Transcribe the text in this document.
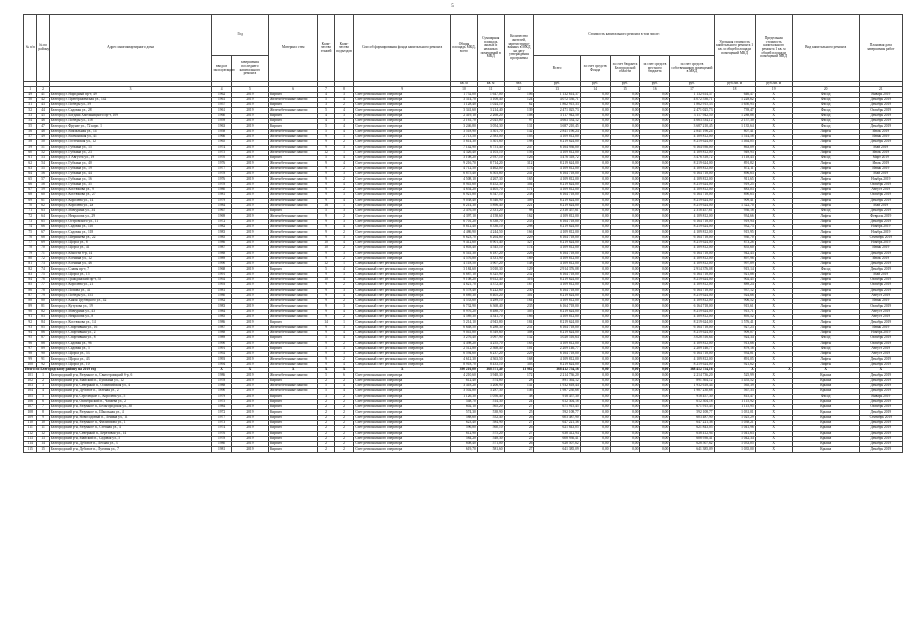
5
№ п/п	№ по району	Адрес многоквартирного дома	Год		Материал стен	Коли-чество этажей	Коли-чество подъездов	Способ формирования фонда капитального ремонта	Общая площадь МКД, всего	Суммарная площадь жилых и нежилых помещений в МКД	Количество жителей, зарегистриро-ванных в МКД на дату утверждения программы	Стоимость капитального ремонта в том числе:					Удельная стоимость капитального ремонта 1 кв. м общей площади помещений МКД	Предельная стоимость капитального ремонта 1 кв. м общей площади помещений МКД	Вид капитального ремонта	Плановая дата завершения работ
			ввода в эксплуатацию	завершения последнего капитального ремонта								Всего	за счет средств Фонда	за счет бюджета Белгородской области	за счет средств местного бюджета	за счет средств собственников помещений в МКД				
									кв. м	кв. м	чел.	руб.	руб.	руб.	руб.	руб.	руб./кв. м	руб./кв. м		
1	2	3	4	5	6	7	8	9	10	11	12	13	14	15	16	17	18	19	20	21
49	41	Белгород г. Народный пр-т, 49	1962	2019	Кирпич	4	3	Счет регионального оператора	1 752,00	1 647,00	106	1 132 614,37	0,00	0,00	0,00	1 132 614,37	646,47	Х	Фасад	Январь 2019
50	42	Белгород г. Преображенская ул., 142	1961	2019	Железобетонные панели	5	4	Счет регионального оператора	3 314,70	3 108,40	124	4 072 536,71	0,00	0,00	0,00	4 072 536,71	1 228,62	Х	Фасад	Декабрь 2019
51	43	Белгород г. Победы ул., 59	1957	2019	Кирпич	3	2	Счет регионального оператора	1 128,40	1 024,10	62	1 862 915,33	0,00	0,00	0,00	1 862 915,33	1 650,93	Х	Фасад	Декабрь 2019
52	44	Белгород г. Садовая ул., 28	1961	2019	Железобетонные панели	5	4	Счет регионального оператора	3 341,60	3 214,40	139	2 471 025,73	0,00	0,00	0,00	2 471 025,73	739,47	Х	Фасад	Октябрь 2019
53	45	Белгород г. Богдана Хмельницкого пр-т, 109	1960	2019	Кирпич	4	3	Счет регионального оператора	2 419,10	2 268,20	108	3 117 942,50	0,00	0,00	0,00	3 117 942,50	1 288,88	Х	Фасад	Декабрь 2019
54	46	Белгород г. Победы ул., 118	1959	2019	Кирпич	4	3	Счет регионального оператора	2 161,70	2 025,80	97	4 663 534,12	0,00	0,00	0,00	4 663 534,12	2 157,30	Х	Фасад	Декабрь 2019
55	47	Белгород г. Фрунзе ул., 72 корп. 1	1963	2019	Кирпич	5	4	Счет регионального оператора	3 246,80	3 054,30	131	3 687 210,45	0,00	0,00	0,00	3 687 210,45	1 135,64	Х	Фасад	Декабрь 2019
56	48	Белгород г. Вокзальная ул., 14	1958	2019	Железобетонные панели	5	4	Счет регионального оператора	3 518,90	3 301,70	142	2 841 196,24	0,00	0,00	0,00	2 841 196,24	807,41	Х	Лифты	Июль 2019
57	49	Белгород г. Волчанская ул., 41	1966	2019	Железобетонные панели	9	1	Счет регионального оператора	2 713,50	2 583,00	103	4 109 812,00	0,00	0,00	0,00	4 109 812,00	1 514,58	Х	Лифты	Июнь 2019
58	50	Белгород г. Гостенская ул., 12	1965	2019	Железобетонные панели	9	2	Счет регионального оператора	5 614,30	5 301,60	198	8 219 624,00	0,00	0,00	0,00	8 219 624,00	1 464,05	Х	Лифты	Декабрь 2019
59	51	Белгород г. Губкина ул., 15	1974	2019	Железобетонные панели	9	3	Счет регионального оператора	7 142,90	6 751,40	247	6 164 936,00	0,00	0,00	0,00	6 164 936,00	863,09	Х	Лифты	Май 2019
60	52	Белгород г. Губкина ул., 23	1975	2019	Железобетонные панели	12	1	Счет регионального оператора	4 326,40	4 103,10	156	4 109 812,00	0,00	0,00	0,00	4 109 812,00	949,93	Х	Лифты	Июль 2019
61	53	Белгород г. 5 Августа ул., 19	1970	2019	Кирпич	5	4	Счет регионального оператора	3 108,20	2 937,10	126	3 476 318,72	0,00	0,00	0,00	3 476 318,72	1 118,43	Х	Фасад	Март 2019
62	54	Белгород г. Губкина ул., 40	1976	2019	Железобетонные панели	9	4	Счет регионального оператора	9 216,70	8 714,20	312	8 219 624,00	0,00	0,00	0,00	8 219 624,00	891,82	Х	Лифты	Июль 2019
63	55	Белгород г. Губкина ул., 19	1977	2019	Железобетонные панели	9	2	Счет регионального оператора	4 712,50	4 462,00	173	4 109 812,00	0,00	0,00	0,00	4 109 812,00	872,11	Х	Лифты	Июнь 2019
64	56	Белгород г. Губкина ул., 44	1978	2019	Железобетонные панели	9	3	Счет регионального оператора	6 875,40	6 503,80	241	6 164 718,00	0,00	0,00	0,00	6 164 718,00	896,63	Х	Лифты	Май 2019
65	57	Белгород г. Губкина ул., 16	1976	2019	Железобетонные панели	9	2	Счет регионального оператора	4 508,10	4 267,30	165	4 109 812,00	0,00	0,00	0,00	4 109 812,00	911,65	Х	Лифты	Ноябрь 2019
66	58	Белгород г. Губкина ул., 35	1978	2019	Железобетонные панели	9	4	Счет регионального оператора	8 941,60	8 452,30	304	8 219 624,00	0,00	0,00	0,00	8 219 624,00	919,25	Х	Лифты	Октябрь 2019
67	59	Белгород г. Костюкова ул., 9	1980	2019	Железобетонные панели	9	2	Счет регионального оператора	4 654,20	4 405,70	171	4 109 812,00	0,00	0,00	0,00	4 109 812,00	883,03	Х	Лифты	Август 2019
68	60	Белгород г. Костюкова ул., 27	1981	2019	Железобетонные панели	9	3	Счет регионального оператора	6 921,80	6 547,10	238	6 164 718,00	0,00	0,00	0,00	6 164 718,00	890,63	Х	Лифты	Октябрь 2019
69	61	Белгород г. Королева ул., 14	1979	2019	Железобетонные панели	9	4	Счет регионального оператора	9 038,40	8 546,90	309	8 219 624,00	0,00	0,00	0,00	8 219 624,00	909,41	Х	Лифты	Декабрь 2019
70	62	Белгород г. Королева ул., 2а	1984	2019	Железобетонные панели	16	1	Счет регионального оператора	6 214,30	5 896,40	221	8 219 624,00	0,00	0,00	0,00	8 219 624,00	1 322,70	Х	Лифты	Май 2019
71	63	Белгород г. Мичурина ул., 34	1967	2019	Кирпич	5	3	Счет регионального оператора	2 476,50	2 331,20	98	2 318 457,61	0,00	0,00	0,00	2 318 457,61	936,18	Х	Фасад	Декабрь 2019
72	64	Белгород г. Некрасова ул., 29	1969	2019	Железобетонные панели	9	2	Счет регионального оператора	4 397,10	4 158,60	162	4 109 812,00	0,00	0,00	0,00	4 109 812,00	934,66	Х	Лифты	Февраль 2019
73	65	Белгород г. Островского ул., 11	1972	2019	Железобетонные панели	9	3	Счет регионального оператора	6 701,20	6 338,70	233	6 164 718,00	0,00	0,00	0,00	6 164 718,00	919,94	Х	Лифты	Декабрь 2019
74	66	Белгород г. Садовая ул., 110	1982	2019	Железобетонные панели	9	4	Счет регионального оператора	8 812,40	8 336,10	298	8 219 624,00	0,00	0,00	0,00	8 219 624,00	932,73	Х	Лифты	Ноябрь 2019
75	67	Белгород г. Садовая ул., 118	1983	2019	Железобетонные панели	9	2	Счет регионального оператора	4 486,90	4 244,50	166	4 109 812,00	0,00	0,00	0,00	4 109 812,00	915,95	Х	Лифты	Ноябрь 2019
76	68	Белгород г. Шершнева ул., 22	1985	2019	Железобетонные панели	9	3	Счет регионального оператора	6 623,70	6 264,80	229	6 164 718,00	0,00	0,00	0,00	6 164 718,00	930,70	Х	Лифты	Сентябрь 2019
77	69	Белгород г. Щорса ул., 8	1986	2019	Железобетонные панели	10	4	Счет регионального оператора	9 412,60	8 901,40	327	8 219 624,00	0,00	0,00	0,00	8 219 624,00	873,26	Х	Лифты	Ноябрь 2019
78	70	Белгород г. Щорса ул., 41	1987	2019	Железобетонные панели	10	2	Счет регионального оператора	4 803,40	4 545,10	174	4 109 812,00	0,00	0,00	0,00	4 109 812,00	855,60	Х	Лифты	Июнь 2019
79	71	Белгород г. Юности б-р, 14	1988	2019	Железобетонные панели	9	3	Счет регионального оператора	6 541,30	6 187,20	226	6 164 718,00	0,00	0,00	0,00	6 164 718,00	942,43	Х	Лифты	Декабрь 2019
80	72	Белгород г. Есенина ул., 12	1989	2019	Железобетонные панели	9	2	Счет регионального оператора	4 576,80	4 331,90	169	4 109 812,00	0,00	0,00	0,00	4 109 812,00	897,96	Х	Лифты	Июль 2019
81	73	Белгород г. Есенина ул., 46	1990	2019	Железобетонные панели	12	1	Специальный счет регионального оператора	4 118,50	3 907,20	148	4 109 812,00	0,00	0,00	0,00	4 109 812,00	997,89	Х	Лифты	Декабрь 2019
82	74	Белгород г. Славы пр-т, 7	1968	2019	Кирпич	5	4	Специальный счет регионального оператора	3 184,60	3 010,30	129	2 914 376,08	0,00	0,00	0,00	2 914 376,08	915,14	Х	Фасад	Декабрь 2019
83	75	Белгород г. Щорса ул., 15	1991	2019	Железобетонные панели	9	3	Специальный счет регионального оператора	6 687,10	6 325,90	232	6 164 718,00	0,00	0,00	0,00	6 164 718,00	921,88	Х	Лифты	Май 2019
84	76	Белгород г. Гражданский пр-т, 55	1992	2019	Железобетонные панели	10	4	Специальный счет регионального оператора	9 108,20	8 612,40	316	8 219 624,00	0,00	0,00	0,00	8 219 624,00	902,45	Х	Лифты	Октябрь 2019
85	77	Белгород г. Королева ул., 21	1993	2019	Железобетонные панели	9	2	Специальный счет регионального оператора	4 621,70	4 372,40	167	4 109 812,00	0,00	0,00	0,00	4 109 812,00	889,24	Х	Лифты	Октябрь 2019
86	78	Белгород г. Попова ул., 41	1981	2019	Железобетонные панели	9	3	Специальный счет регионального оператора	6 578,40	6 222,60	230	6 164 718,00	0,00	0,00	0,00	6 164 718,00	937,12	Х	Лифты	Декабрь 2019
87	79	Белгород г. Победы ул., 153	1980	2019	Железобетонные панели	9	4	Специальный счет регионального оператора	8 889,30	8 405,20	301	8 219 624,00	0,00	0,00	0,00	8 219 624,00	924,66	Х	Лифты	Август 2019
88	80	Белгород г. Князя Трубецкого ул., 42	1982	2019	Железобетонные панели	9	2	Специальный счет регионального оператора	4 533,60	4 289,10	164	4 109 812,00	0,00	0,00	0,00	4 109 812,00	906,52	Х	Лифты	Июнь 2019
89	81	Белгород г. Кутузова ул., 19	1983	2019	Железобетонные панели	9	3	Специальный счет регионального оператора	6 732,90	6 368,40	235	6 164 718,00	0,00	0,00	0,00	6 164 718,00	915,61	Х	Лифты	Октябрь 2019
90	82	Белгород г. Мичурина ул., 43	1984	2019	Железобетонные панели	9	4	Специальный счет регионального оператора	8 976,20	8 488,70	305	8 219 624,00	0,00	0,00	0,00	8 219 624,00	915,71	Х	Лифты	Август 2019
91	83	Белгород г. Некрасова ул., 8	1985	2019	Железобетонные панели	9	2	Специальный счет регионального оператора	4 589,30	4 341,70	166	4 109 812,00	0,00	0,00	0,00	4 109 812,00	895,52	Х	Лифты	Август 2019
92	84	Белгород г. Костюкова ул., 14	1986	2019	Кирпич	14	1	Специальный счет регионального оператора	5 214,10	4 943,80	184	8 219 624,00	0,00	0,00	0,00	8 219 624,00	1 576,41	Х	Лифты	Декабрь 2019
93	85	Белгород г. Спортивная ул., 16	1987	2019	Железобетонные панели	9	3	Специальный счет регионального оператора	6 648,50	6 288,30	231	6 164 718,00	0,00	0,00	0,00	6 164 718,00	927,23	Х	Лифты	Июнь 2019
94	86	Белгород г. Спортивная ул., 2	1988	2019	Железобетонные панели	9	4	Специальный счет регионального оператора	9 041,80	8 549,60	308	8 219 624,00	0,00	0,00	0,00	8 219 624,00	909,07	Х	Лифты	Ноябрь 2019
95	87	Белгород г. Спортивная ул., 8	1989	2019	Кирпич	5	4	Специальный счет регионального оператора	3 276,40	3 097,90	132	3 028 516,64	0,00	0,00	0,00	3 028 516,64	924,34	Х	Фасад	Октябрь 2019
96	88	Белгород г. Садовая ул., 96	1990	2019	Железобетонные панели	9	2	Специальный счет регионального оператора	4 498,20	4 255,70	163	4 109 812,00	0,00	0,00	0,00	4 109 812,00	913,66	Х	Лифты	Октябрь 2019
97	89	Белгород г. Садовая ул., 5	1991	2019	Кирпич	5	3	Специальный счет регионального оператора	2 512,80	2 368,40	101	2 209 146,77	0,00	0,00	0,00	2 209 146,77	879,16	Х	Фасад	Август 2019
98	90	Белгород г. Щорса ул., 53	1992	2019	Железобетонные панели	9	3	Специальный счет регионального оператора	6 594,60	6 237,20	229	6 164 718,00	0,00	0,00	0,00	6 164 718,00	934,81	Х	Лифты	Август 2019
99	91	Белгород г. Щорса ул., 43	1993	2019	Железобетонные панели	9	2	Специальный счет регионального оператора	4 612,30	4 363,50	168	4 109 812,00	0,00	0,00	0,00	4 109 812,00	891,05	Х	Лифты	Декабрь 2019
100	92	Белгород г. Щорса ул., 10	1994	2019	Железобетонные панели	9	4	Специальный счет регионального оператора	8 918,70	8 433,10	303	8 219 624,00	0,00	0,00	0,00	8 219 624,00	921,62	Х	Лифты	Декабрь 2019
Итого по Белгородскому району на 2019 год			Х	Х	Х	Х	Х	Х	390 216,00	368 571,40	13 982	368 412 754,16	0,00	0,00	0,00	368 412 754,16	Х	Х	Х	Х
101	1	Белгородский р-н, Разумное п., Святотроицкий б-р, 6	1986	2019	Железобетонные панели	5	6	Счет регионального оператора	4 210,60	3 948,30	172	2 214 736,20	0,00	0,00	0,00	2 214 736,20	525,99	Х	Крыша	Декабрь 2019
102	2	Белгородский р-н, Майский п., Пушкина ул., 12	1978	2019	Кирпич	2	2	Счет регионального оператора	612,40	574,80	28	891 364,12	0,00	0,00	0,00	891 364,12	1 455,52	Х	Крыша	Декабрь 2019
103	3	Белгородский р-н, Северный п., Олимпийская ул., 4	1988	2019	Железобетонные панели	5	4	Счет регионального оператора	3 418,20	3 206,90	141	1 932 618,44	0,00	0,00	0,00	1 932 618,44	565,39	Х	Крыша	Декабрь 2019
104	4	Белгородский р-н, Дубовое п., Зеленая ул., 2	1990	2019	Железобетонные панели	5	4	Счет регионального оператора	3 502,80	3 287,30	146	1 987 230,68	0,00	0,00	0,00	1 987 230,68	567,33	Х	Крыша	Декабрь 2019
105	5	Белгородский р-н, Стрелецкое с., Королева ул., 5	1979	2019	Кирпич	3	2	Счет регионального оператора	1 126,30	1 056,40	48	918 457,30	0,00	0,00	0,00	918 457,30	815,47	Х	Фасад	Январь 2019
106	6	Белгородский р-н, Октябрьский п., Чапаева ул., 2	1975	2019	Кирпич	2	2	Счет регионального оператора	548,70	514,30	24	612 304,18	0,00	0,00	0,00	612 304,18	1 115,92	Х	Крыша	Декабрь 2019
107	7	Белгородский р-н, Разумное п., Бельгородская ул., 30	1984	2019	Кирпич	2	2	Счет регионального оператора	602,10	565,20	27	671 915,45	0,00	0,00	0,00	671 915,45	1 115,95	Х	Крыша	Октябрь 2019
108	8	Белгородский р-н, Разумное п., Школьная ул., 4	1972	2019	Кирпич	2	2	Счет регионального оператора	574,30	538,90	25	592 108,77	0,00	0,00	0,00	592 108,77	1 031,01	Х	Крыша	Декабрь 2019
109	9	Белгородский р-н, Новосадовый п., Ленина ул., 11	1977	2019	Кирпич	2	2	Счет регионального оператора	588,60	552,40	26	603 487,90	0,00	0,00	0,00	603 487,90	1 025,29	Х	Крыша	Сентябрь 2019
110	10	Белгородский р-н, Разумное п., Филиппова ул., 1	1973	2019	Кирпич	2	2	Счет регионального оператора	623,40	584,90	27	647 221,36	0,00	0,00	0,00	647 221,36	1 038,21	Х	Крыша	Декабрь 2019
111	11	Белгородский р-н, Разумное п., Степная ул., 4	1974	2019	Кирпич	2	2	Счет регионального оператора	596,80	560,10	26	621 843,05	0,00	0,00	0,00	621 843,05	1 041,96	Х	Крыша	Декабрь 2019
112	12	Белгородский р-н, Северный п., Березовая ул., 14	1976	2019	Кирпич	2	2	Счет регионального оператора	612,90	575,20	27	638 412,94	0,00	0,00	0,00	638 412,94	1 041,63	Х	Крыша	Декабрь 2019
113	13	Белгородский р-н, Майский п., Садовая ул., 5	1978	2019	Кирпич	2	2	Счет регионального оператора	584,20	548,30	25	608 936,41	0,00	0,00	0,00	608 936,41	1 042,34	Х	Крыша	Декабрь 2019
114	14	Белгородский р-н, Дубовое п., Лесная ул., 3	1980	2019	Кирпич	2	2	Счет регионального оператора	608,40	571,00	26	628 507,62	0,00	0,00	0,00	628 507,62	1 033,05	Х	Крыша	Декабрь 2019
115	15	Белгородский р-н, Дубовое п., Луговая ул., 7	1981	2019	Кирпич	2	2	Счет регионального оператора	619,70	581,60	27	641 385,09	0,00	0,00	0,00	641 385,09	1 035,00	Х	Крыша	Декабрь 2019
